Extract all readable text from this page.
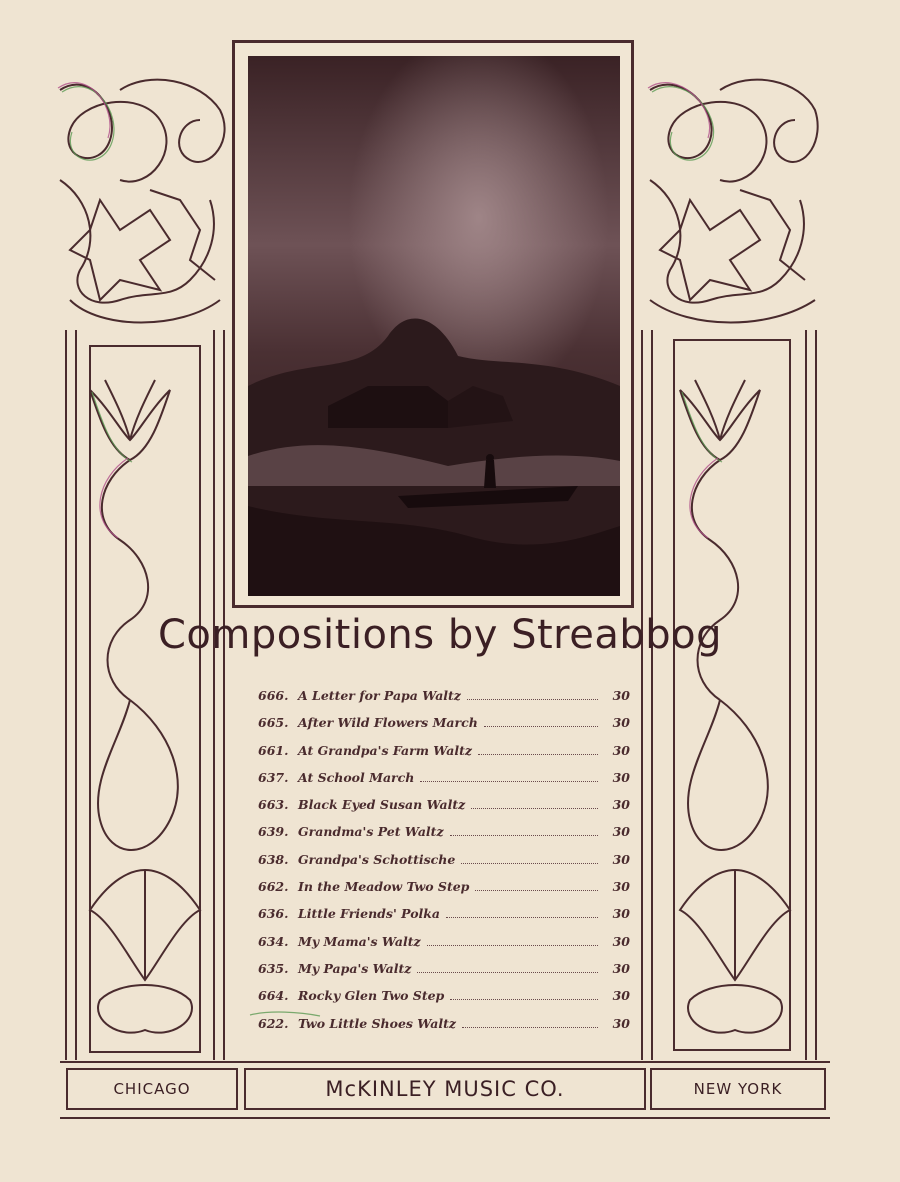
Compositions by Streabbog
666. A Letter for Papa Waltz	30
665. After Wild Flowers March	30
661. At Grandpa's Farm Waltz	30
637. At School March	30
663. Black Eyed Susan Waltz	30
639. Grandma's Pet Waltz	30
638. Grandpa's Schottische	30
662. In the Meadow Two Step	30
636. Little Friends' Polka	30
634. My Mama's Waltz	30
635. My Papa's Waltz	30
664. Rocky Glen Two Step	30
622. Two Little Shoes Waltz	30
CHICAGO	McKINLEY MUSIC CO.	NEW YORK
